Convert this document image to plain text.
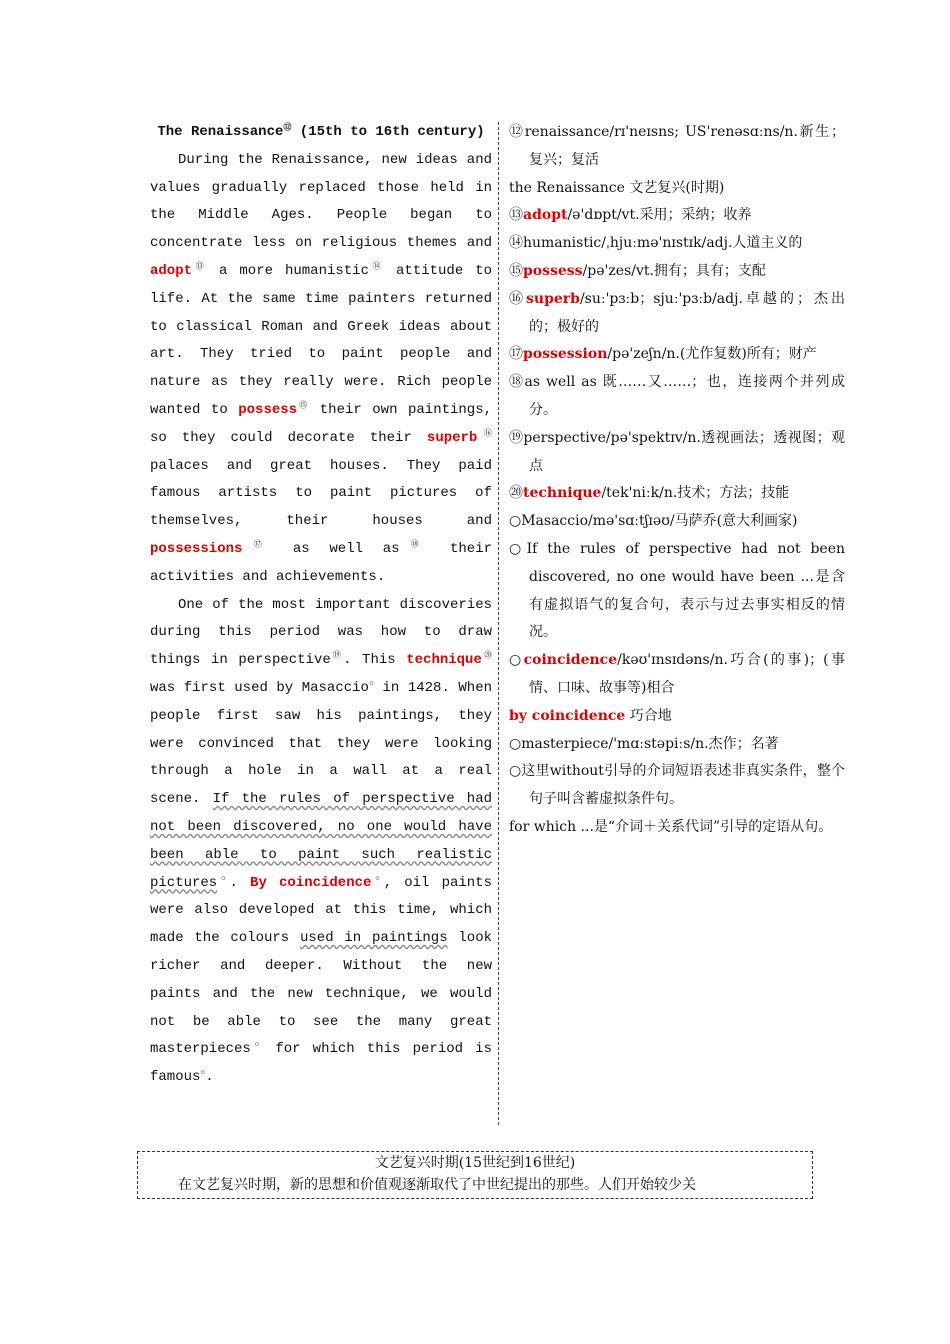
The Renaissance⑫ (15th to 16th century)

During the Renaissance, new ideas and values gradually replaced those held in the Middle Ages. People began to concentrate less on religious themes and adopt⑬ a more humanistic⑭ attitude to life. At the same time painters returned to classical Roman and Greek ideas about art. They tried to paint people and nature as they really were. Rich people wanted to possess⑮ their own paintings, so they could decorate their superb⑯ palaces and great houses. They paid famous artists to paint pictures of themselves, their houses and possessions⑰ as well as⑱ their activities and achievements.

One of the most important discoveries during this period was how to draw things in perspective⑲. This technique⑳ was first used by Masaccio○ in 1428. When people first saw his paintings, they were convinced that they were looking through a hole in a wall at a real scene. If the rules of perspective had not been discovered, no one would have been able to paint such realistic pictures○. By coincidence○, oil paints were also developed at this time, which made the colours used in paintings look richer and deeper. Without the new paints and the new technique, we would not be able to see the many great masterpieces○ for which this period is famous○.

⑫renaissance/rɪ'neɪsns; US'renəsɑːns/n.新生；复兴；复活

the Renaissance 文艺复兴(时期)

⑬adopt/ə'dɒpt/vt.采用；采纳；收养

⑭humanistic/ˌhjuːmə'nɪstɪk/adj.人道主义的

⑮possess/pə'zes/vt.拥有；具有；支配

⑯superb/suː'pɜːb；sjuː'pɜːb/adj.卓越的；杰出的；极好的

⑰possession/pə'zeʃn/n.(尤作复数)所有；财产

⑱as well as 既……又……；也，连接两个并列成分。

⑲perspective/pə'spektɪv/n.透视画法；透视图；观点

⑳technique/tek'niːk/n.技术；方法；技能

○Masaccio/mə'sɑːtʃɪəʊ/马萨乔(意大利画家)

○If the rules of perspective had not been discovered, no one would have been ...是含有虚拟语气的复合句，表示与过去事实相反的情况。

○coincidence/kəʊ'ɪnsɪdəns/n.巧合(的事)；(事情、口味、故事等)相合

by coincidence 巧合地

○masterpiece/'mɑːstəpiːs/n.杰作；名著

○这里without引导的介词短语表述非真实条件，整个句子叫含蓄虚拟条件句。

for which ...是“介词＋关系代词”引导的定语从句。

文艺复兴时期(15世纪到16世纪)
在文艺复兴时期，新的思想和价值观逐渐取代了中世纪提出的那些。人们开始较少关
